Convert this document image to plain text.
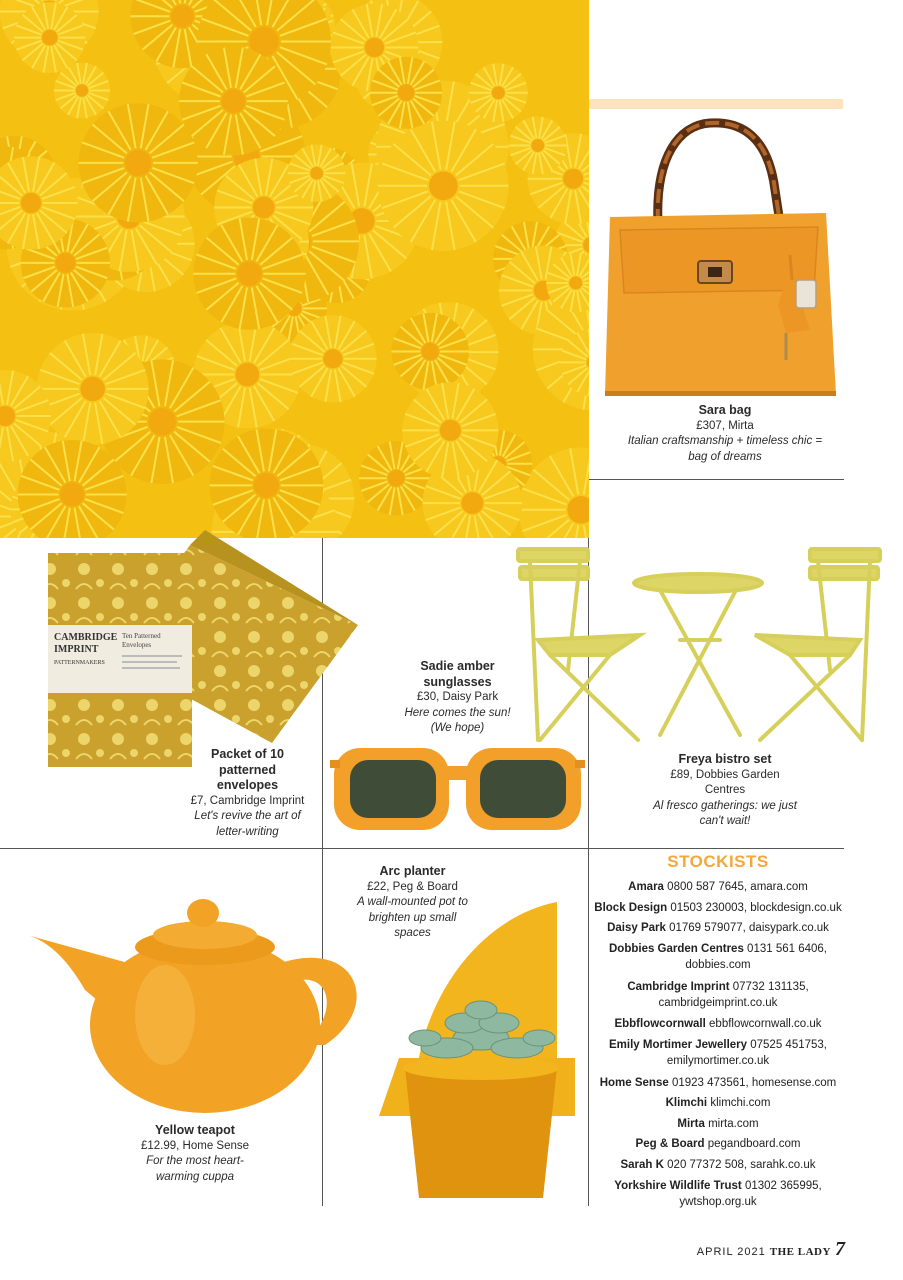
Sara bag
£307, Mirta
Italian craftsmanship + timeless chic =
bag of dreams
CAMBRIDGE
IMPRINT
PATTERNMAKERS
Ten Patterned
Envelopes
Packet of 10
patterned
envelopes
£7, Cambridge Imprint
Let's revive the art of
letter-writing
Sadie amber
sunglasses
£30, Daisy Park
Here comes the sun!
(We hope)
Freya bistro set
£89, Dobbies Garden
Centres
Al fresco gatherings: we just
can't wait!
Yellow teapot
£12.99, Home Sense
For the most heart-
warming cuppa
Arc planter
£22, Peg & Board
A wall-mounted pot to
brighten up small
spaces
STOCKISTS
Amara 0800 587 7645, amara.com
Block Design 01503 230003, blockdesign.co.uk
Daisy Park 01769 579077, daisypark.co.uk
Dobbies Garden Centres 0131 561 6406,
dobbies.com
Cambridge Imprint 07732 131135,
cambridgeimprint.co.uk
Ebbflowcornwall ebbflowcornwall.co.uk
Emily Mortimer Jewellery 07525 451753,
emilymortimer.co.uk
Home Sense 01923 473561, homesense.com
Klimchi klimchi.com
Mirta mirta.com
Peg & Board pegandboard.com
Sarah K 020 77372 508, sarahk.co.uk
Yorkshire Wildlife Trust 01302 365995,
ywtshop.org.uk
APRIL 2021 THE LADY 7
